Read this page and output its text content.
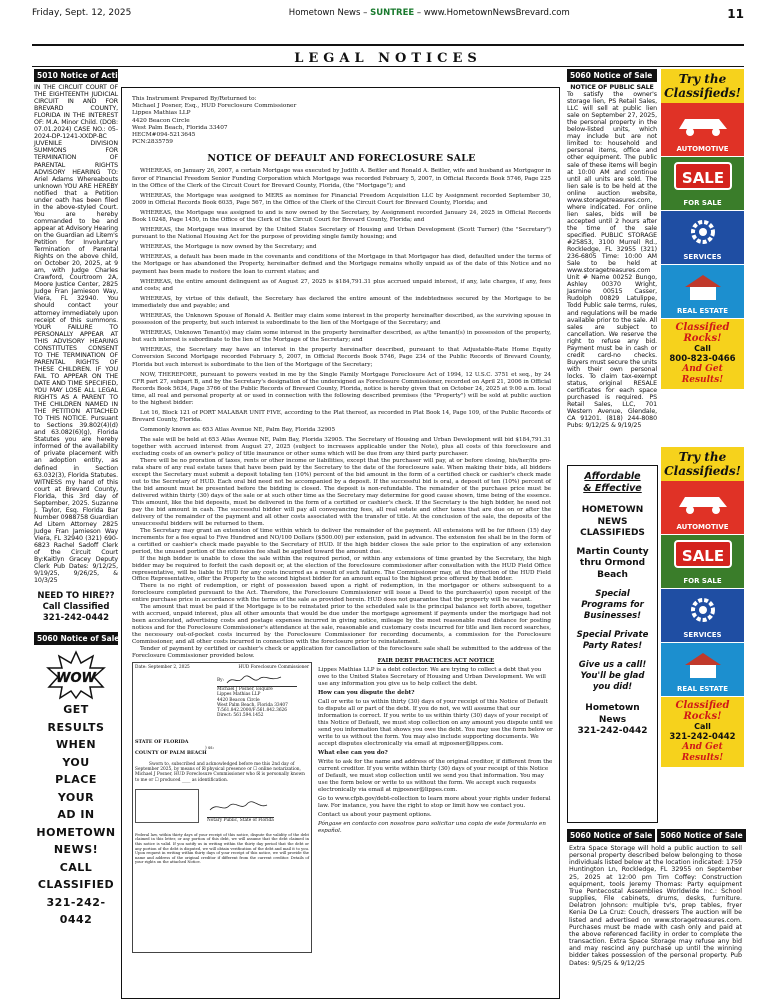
Friday, Sept. 12, 2025	Hometown News – SUNTREE – www.HometownNewsBrevard.com	11
LEGAL NOTICES
5010 Notice of Action
IN THE CIRCUIT COURT OF THE EIGHTEENTH JUDICIAL CIRCUIT IN AND FOR BREVARD COUNTY, FLORIDA IN THE INTEREST OF: M.A. Minor Child. (DOB: 07.01.2024) CASE NO.: 05-2024-DP-1241-XXDP-BC JUVENILE DIVISION SUMMONS FOR TERMINATION OF PARENTAL RIGHTS ADVISORY HEARING TO: Ariel Adams Whereabouts unknown YOU ARE HEREBY notified that a Petition under oath has been filed in the above-styled Court. You are hereby commanded to be and appear at Advisory Hearing on the Guardian ad Litem's Petition for Involuntary Termination of Parental Rights on the above child, on October 20, 2025, at 9 am, with Judge Charles Crawford, Courtroom 2A, Moore Justice Center, 2825 Judge Fran Jamieson Way, Viera, FL 32940. You should contact your attorney immediately upon receipt of this summons. YOUR FAILURE TO PERSONALLY APPEAR AT THIS ADVISORY HEARING CONSTITUTES CONSENT TO THE TERMINATION OF PARENTAL RIGHTS OF THESE CHILDREN. IF YOU FAIL TO APPEAR ON THE DATE AND TIME SPECIFIED, YOU MAY LOSE ALL LEGAL RIGHTS AS A PARENT TO THE CHILDREN NAMED IN THE PETITION ATTACHED TO THIS NOTICE. Pursuant to Sections 39.802(4)(d) and 63.082(6)(g), Florida Statutes you are hereby informed of the availability of private placement with an adoption entity, as defined in Section 63.032(3), Florida Statutes. WITNESS my hand of this court at Brevard County, Florida, this 3rd day of September, 2025. Suzanne J. Taylor, Esq. Florida Bar Number 0988758 Guardian Ad Litem Attorney 2825 Judge Fran Jamieson Way Viera, FL 32940 (321) 690-6823 Rachel Sadoff Clerk of the Circuit Court By:Kaitlyn Gracey Deputy Clerk Pub Dates: 9/12/25, 9/19/25, 9/26/25, & 10/3/25
NEED TO HIRE?? Call Classified 321-242-0442
5060 Notice of Sale
WOW
GET
RESULTS
WHEN
YOU
PLACE
YOUR
AD IN
HOMETOWN
NEWS!
CALL
CLASSIFIED
321-242-0442
This Instrument Prepared By/Returned to:
Michael J Posner, Esq., HUD Foreclosure Commissioner
Lippes Mathias LLP
4420 Beacon Circle
West Palm Beach, Florida 33407
HECM#094-5213645
PCN:2835759
NOTICE OF DEFAULT AND FORECLOSURE SALE

WHEREAS, on January 26, 2007, a certain Mortgage was executed by Judith A. Beitler and Ronald A. Beitler, wife and husband as Mortgagor in favor of Financial Freedom Senior Funding Corporation which Mortgage was recorded February 5, 2007, in Official Records Book 5746, Page 225 in the Office of the Clerk of the Circuit Court for Brevard County, Florida, (the "Mortgage"); and

WHEREAS, the Mortgage was assigned to MERS as nominee for Financial Freedom Acquisition LLC by Assignment recorded September 30, 2009 in Official Records Book 6035, Page 567, in the Office of the Clerk of the Circuit Court for Brevard County, Florida; and

WHEREAS, the Mortgage was assigned to and is now owned by the Secretary, by Assignment recorded January 24, 2025 in Official Records Book 10248, Page 1450, in the Office of the Clerk of the Circuit Court for Brevard County, Florida; and

WHEREAS, the Mortgage was insured by the United States Secretary of Housing and Urban Development (Scott Turner) (the "Secretary") pursuant to the National Housing Act for the purpose of providing single family housing; and

WHEREAS, the Mortgage is now owned by the Secretary; and

WHEREAS, a default has been made in the covenants and conditions of the Mortgage in that Mortgagor has died, defaulted under the terms of the Mortgage or has abandoned the Property, hereinafter defined and the Mortgage remains wholly unpaid as of the date of this Notice and no payment has been made to restore the loan to current status; and

WHEREAS, the entire amount delinquent as of August 27, 2025 is $184,791.31 plus accrued unpaid interest, if any, late charges, if any, fees and costs; and

WHEREAS, by virtue of this default, the Secretary has declared the entire amount of the indebtedness secured by the Mortgage to be immediately due and payable; and

WHEREAS, the Unknown Spouse of Ronald A. Beitler may claim some interest in the property hereinafter described, as the surviving spouse in possession of the property, but such interest is subordinate to the lien of the Mortgage of the Secretary; and

WHEREAS, Unknown Tenant(s) may claim some interest in the property hereinafter described, as a/the tenant(s) in possession of the property, but such interest is subordinate to the lien of the Mortgage of the Secretary; and

WHEREAS, the Secretary may have an interest in the property hereinafter described, pursuant to that Adjustable-Rate Home Equity Conversion Second Mortgage recorded February 5, 2007, in Official Records Book 5746, Page 234 of the Public Records of Brevard County, Florida but such interest is subordinate to the lien of the Mortgage of the Secretary;

NOW, THEREFORE, pursuant to powers vested in me by the Single Family Mortgage Foreclosure Act of 1994, 12 U.S.C. 3751 et seq., by 24 CFR part 27, subpart B, and by the Secretary's designation of the undersigned as Foreclosure Commissioner, recorded on April 21, 2006 in Official Records Book 5634, Page 3766 of the Public Records of Brevard County, Florida, notice is hereby given that on October 24, 2025 at 9:00 a.m. local time, all real and personal property at or used in connection with the following described premises (the "Property") will be sold at public auction to the highest bidder:

Lot 16, Block 121 of PORT MALABAR UNIT FIVE, according to the Plat thereof, as recorded in Plat Book 14, Page 109, of the Public Records of Brevard County, Florida.

Commonly known as: 653 Atlas Avenue NE, Palm Bay, Florida 32905

The sale will be held at 653 Atlas Avenue NE, Palm Bay, Florida 32905. The Secretary of Housing and Urban Development will bid $184,791.31 together with accrued interest from August 27, 2025 (subject to increases applicable under the Note), plus all costs of this foreclosure and excluding costs of an owner's policy of title insurance or other sums which will be due from any third party purchaser.

There will be no proration of taxes, rents or other income or liabilities, except that the purchaser will pay, at or before closing, his/her/its pro-rata share of any real estate taxes that have been paid by the Secretary to the date of the foreclosure sale. When making their bids, all bidders except the Secretary must submit a deposit totaling ten (10%) percent of the bid amount in the form of a certified check or cashier's check made out to the Secretary of HUD. Each oral bid need not be accompanied by a deposit. If the successful bid is oral, a deposit of ten (10%) percent of the bid amount must be presented before the bidding is closed. The deposit is non-refundable. The remainder of the purchase price must be delivered within thirty (30) days of the sale or at such other time as the Secretary may determine for good cause shown, time being of the essence. This amount, like the bid deposits, must be delivered in the form of a certified or cashier's check. If the Secretary is the high bidder, he need not pay the bid amount in cash. The successful bidder will pay all conveyancing fees, all real estate and other taxes that are due on or after the delivery of the remainder of the payment and all other costs associated with the transfer of title. At the conclusion of the sale, the deposits of the unsuccessful bidders will be returned to them.

The Secretary may grant an extension of time within which to deliver the remainder of the payment. All extensions will be for fifteen (15) day increments for a fee equal to Five Hundred and NO/100 Dollars ($500.00) per extension, paid in advance. The extension fee shall be in the form of a certified or cashier's check made payable to the Secretary of HUD. If the high bidder closes the sale prior to the expiration of any extension period, the unused portion of the extension fee shall be applied toward the amount due.

If the high bidder is unable to close the sale within the required period, or within any extensions of time granted by the Secretary, the high bidder may be required to forfeit the cash deposit or, at the election of the foreclosure commissioner after consultation with the HUD Field Office representative, will be liable to HUD for any costs incurred as a result of such failure. The Commissioner may, at the direction of the HUD Field Office Representative, offer the Property to the second highest bidder for an amount equal to the highest price offered by that bidder.

There is no right of redemption, or right of possession based upon a right of redemption, in the mortgagor or others subsequent to a foreclosure completed pursuant to the Act. Therefore, the Foreclosure Commissioner will issue a Deed to the purchaser(s) upon receipt of the entire purchase price in accordance with the terms of the sale as provided herein. HUD does not guarantee that the property will be vacant.

The amount that must be paid if the Mortgage is to be reinstated prior to the scheduled sale is the principal balance set forth above, together with accrued, unpaid interest, plus all other amounts that would be due under the mortgage agreement if payments under the mortgage had not been accelerated, advertising costs and postage expenses incurred in giving notice, mileage by the most reasonable road distance for posting notices and for the Foreclosure Commissioner's attendance at the sale, reasonable and customary costs incurred for title and lien record searches, the necessary out-of-pocket costs incurred by the Foreclosure Commissioner for recording documents, a commission for the Foreclosure Commissioner, and all other costs incurred in connection with the foreclosure prior to reinstatement.

Tender of payment by certified or cashier's check or application for cancellation of the foreclosure sale shall be submitted to the address of the Foreclosure Commissioner provided below.

Date: September 2, 2025	HUD Foreclosure Commissioner
By:
Michael J Posner, Esquire
Lippes Mathias LLP
4420 Beacon Circle
West Palm Beach, Florida 33407
T:561.842.2000/F:561.842.3626
Direct: 561.594.1452
STATE OF FLORIDA
) ss:
COUNTY OF PALM BEACH
Sworn to, subscribed and acknowledged before me this 2nd day of September 2025, by means of ☒ physical presence or ☐ online notarization, Michael J Posner, HUD Foreclosure Commissioner who ☒ is personally known to me or ☐ produced ____ as identification.
Notary Public, State of Florida
Federal law, within thirty days of your receipt of this notice, dispute the validity of the debt claimed in this letter, or any portion of this debt, we will assume that the debt claimed in this notice is valid. If you notify us in writing within the thirty day period that the debt or any portion of the debt is disputed, we will obtain verification of the debt and mail it to you. Upon request in writing within thirty days of your receipt of this notice, we will provide the name and address of the original creditor if different from the current creditor. Details of your rights on the attached Notice.
FAIR DEBT PRACTICES ACT NOTICE

Lippes Mathias LLP is a debt collector. We are trying to collect a debt that you owe to the United States Secretary of Housing and Urban Development. We will use any information you give us to help collect the debt.

How can you dispute the debt?

Call or write to us within thirty (30) days of your receipt of this Notice of Default to dispute all or part of the debt. If you do not, we will assume that our information is correct. If you write to us within thirty (30) days of your receipt of this Notice of Default, we must stop collection on any amount you dispute until we send you information that shows you owe the debt. You may use the form below or write to us without the form. You may also include supporting documents. We accept disputes electronically via email at mjposner@lippes.com.

What else can you do?

Write to ask for the name and address of the original creditor, if different from the current creditor. If you write within thirty (30) days of your receipt of this Notice of Default, we must stop collection until we send you that information. You may use the form below or write to us without the form. We accept such requests electronically via email at mjposner@lippes.com.

Go to www.cfpb.gov/debt-collection to learn more about your rights under federal law. For instance, you have the right to stop or limit how we contact you.

Contact us about your payment options.

Póngase en contacto con nosotros para solicitar una copia de este formulario en español.

5060 Notice of Sale
NOTICE OF PUBLIC SALE
To satisfy the owner's storage lien, PS Retail Sales, LLC will sell at public lien sale on September 27, 2025, the personal property in the below-listed units, which may include but are not limited to: household and personal items, office and other equipment. The public sale of these items will begin at 10:00 AM and continue until all units are sold. The lien sale is to be held at the online auction website, www.storagetreasures.com, where indicated. For online lien sales, bids will be accepted until 2 hours after the time of the sale specified. PUBLIC STORAGE #25853, 3100 Murrell Rd., Rockledge, FL 32955 (321) 236-6805 Time: 10:00 AM Sale to be held at www.storagetreasures.com Unit # Name 00252 Bungo, Ashley 00370 Wright, Jasmine 00515 Casser, Rudolph 00829 Latulippe, Todd Public sale terms, rules, and regulations will be made available prior to the sale. All sales are subject to cancellation. We reserve the right to refuse any bid. Payment must be in cash or credit card-no checks. Buyers must secure the units with their own personal locks. To claim tax-exempt status, original RESALE certificates for each space purchased is required. PS Retail Sales, LLC, 701 Western Avenue, Glendale, CA 91201. (818) 244-8080 Pubs: 9/12/25 & 9/19/25
Affordable
& Effective
HOMETOWN NEWS CLASSIFIEDS
Martin County thru Ormond Beach
Special Programs for Businesses!
Special Private Party Rates!
Give us a call! You'll be glad you did!
Hometown News
321-242-0442
Try the Classifieds!
AUTOMOTIVE
SALE
FOR SALE
SERVICES
REAL ESTATE
Classified Rocks!
Call
800-823-0466
And Get Results!
Try the Classifieds!
AUTOMOTIVE
SALE
FOR SALE
SERVICES
REAL ESTATE
Classified Rocks!
Call
321-242-0442
And Get Results!
5060 Notice of Sale	5060 Notice of Sale
Extra Space Storage will hold a public auction to sell personal property described below belonging to those individuals listed below at the location indicated: 1759 Huntington Ln, Rockledge, FL 32955 on September 25, 2025 at 12:00 pm Tim Coffey: Construction equipment, tools Jeremy Thomas: Party equipment True Pentecostal Assemblies Worldwide Inc.: School supplies, File cabinets, drums, desks, furniture. Delatron Johnson: multiple tv's, prep tables, fryer Kenia De La Cruz: Couch, dressers The auction will be listed and advertised on www.storagetreasures.com. Purchases must be made with cash only and paid at the above referenced facility in order to complete the transaction. Extra Space Storage may refuse any bid and may rescind any purchase up until the winning bidder takes possession of the personal property. Pub Dates: 9/5/25 & 9/12/25
